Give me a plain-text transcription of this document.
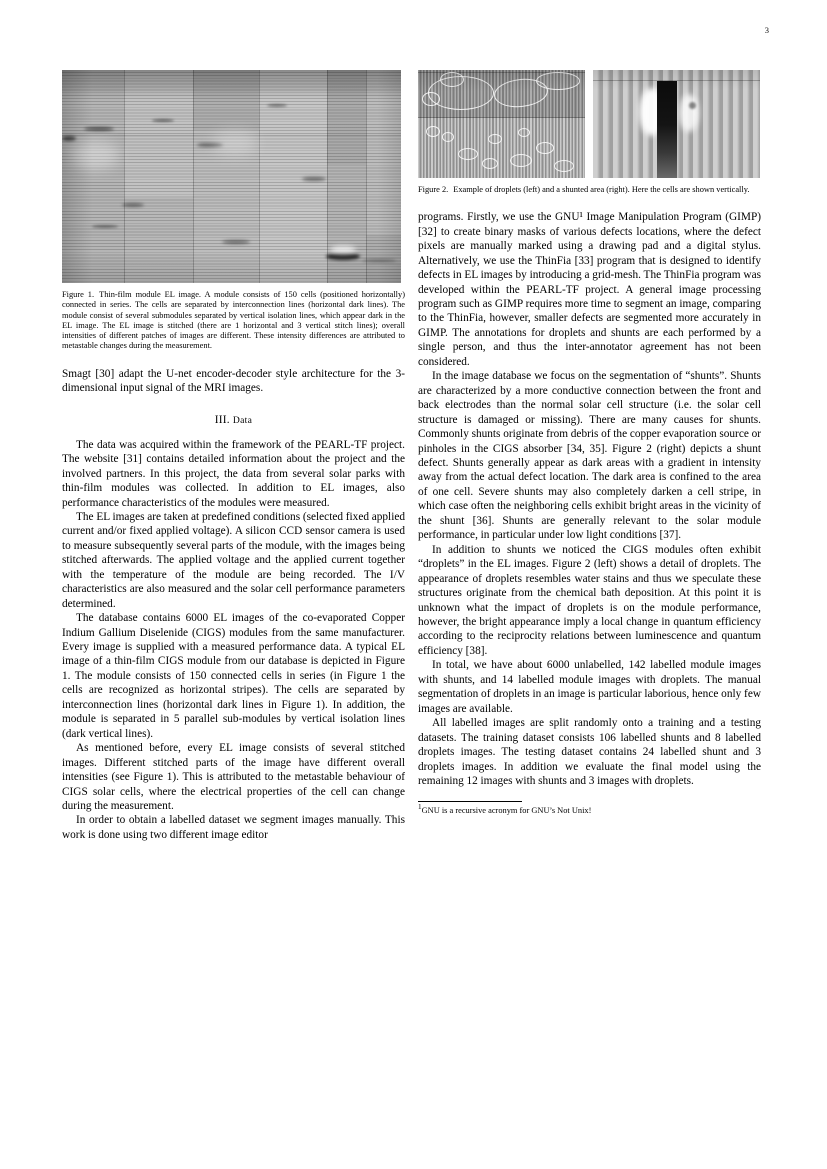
3
Figure 1. Thin-film module EL image. A module consists of 150 cells (positioned horizontally) connected in series. The cells are separated by interconnection lines (horizontal dark lines). The module consist of several submodules separated by vertical isolation lines, which appear dark in the EL image. The EL image is stitched (there are 1 horizontal and 3 vertical stitch lines); overall intensities of different patches of images are different. These intensity differences are attributed to metastable changes during the measurement.

Smagt [30] adapt the U-net encoder-decoder style architecture for the 3-dimensional input signal of the MRI images.

III. Data

The data was acquired within the framework of the PEARL-TF project. The website [31] contains detailed information about the project and the involved partners. In this project, the data from several solar parks with thin-film modules was collected. In addition to EL images, also performance characteristics of the modules were measured.

The EL images are taken at predefined conditions (selected fixed applied current and/or fixed applied voltage). A silicon CCD sensor camera is used to measure subsequently several parts of the module, with the images being stitched afterwards. The applied voltage and the applied current together with the temperature of the module are being recorded. The I/V characteristics are also measured and the solar cell performance parameters determined.

The database contains 6000 EL images of the co-evaporated Copper Indium Gallium Diselenide (CIGS) modules from the same manufacturer. Every image is supplied with a measured performance data. A typical EL image of a thin-film CIGS module from our database is depicted in Figure 1. The module consists of 150 connected cells in series (in Figure 1 the cells are recognized as horizontal stripes). The cells are separated by interconnection lines (horizontal dark lines in Figure 1). In addition, the module is separated in 5 parallel sub-modules by vertical isolation lines (dark vertical lines).

As mentioned before, every EL image consists of several stitched images. Different stitched parts of the image have different overall intensities (see Figure 1). This is attributed to the metastable behaviour of CIGS solar cells, where the electrical properties of the cell can change during the measurement.

In order to obtain a labelled dataset we segment images manually. This work is done using two different image editor

Figure 2. Example of droplets (left) and a shunted area (right). Here the cells are shown vertically.

programs. Firstly, we use the GNU¹ Image Manipulation Program (GIMP) [32] to create binary masks of various defects locations, where the defect pixels are manually marked using a drawing pad and a digital stylus. Alternatively, we use the ThinFia [33] program that is designed to identify defects in EL images by introducing a grid-mesh. The ThinFia program was developed within the PEARL-TF project. A general image processing program such as GIMP requires more time to segment an image, comparing to the ThinFia, however, smaller defects are segmented more accurately in GIMP. The annotations for droplets and shunts are each performed by a single person, and thus the inter-annotator agreement has not been considered.

In the image database we focus on the segmentation of “shunts”. Shunts are characterized by a more conductive connection between the front and back electrodes than the normal solar cell structure (i.e. the solar cell structure is damaged or missing). There are many causes for shunts. Commonly shunts originate from debris of the copper evaporation source or pinholes in the CIGS absorber [34, 35]. Figure 2 (right) depicts a shunt defect. Shunts generally appear as dark areas with a gradient in intensity away from the actual defect location. The dark area is confined to the area of one cell. Severe shunts may also completely darken a cell stripe, in which case often the neighboring cells exhibit bright areas in the vicinity of the shunt [36]. Shunts are generally relevant to the solar module performance, in particular under low light conditions [37].

In addition to shunts we noticed the CIGS modules often exhibit “droplets” in the EL images. Figure 2 (left) shows a detail of droplets. The appearance of droplets resembles water stains and thus we speculate these structures originate from the chemical bath deposition. At this point it is unknown what the impact of droplets is on the module performance, however, the bright appearance imply a local change in quantum efficiency according to the reciprocity relations between luminescence and quantum efficiency [38].

In total, we have about 6000 unlabelled, 142 labelled module images with shunts, and 14 labelled module images with droplets. The manual segmentation of droplets in an image is particular laborious, hence only few images are available.

All labelled images are split randomly onto a training and a testing datasets. The training dataset consists 106 labelled shunts and 8 labelled droplets images. The testing dataset contains 24 labelled shunt and 3 droplets images. In addition we evaluate the final model using the remaining 12 images with shunts and 3 images with droplets.

$^1$GNU is a recursive acronym for GNU’s Not Unix!
